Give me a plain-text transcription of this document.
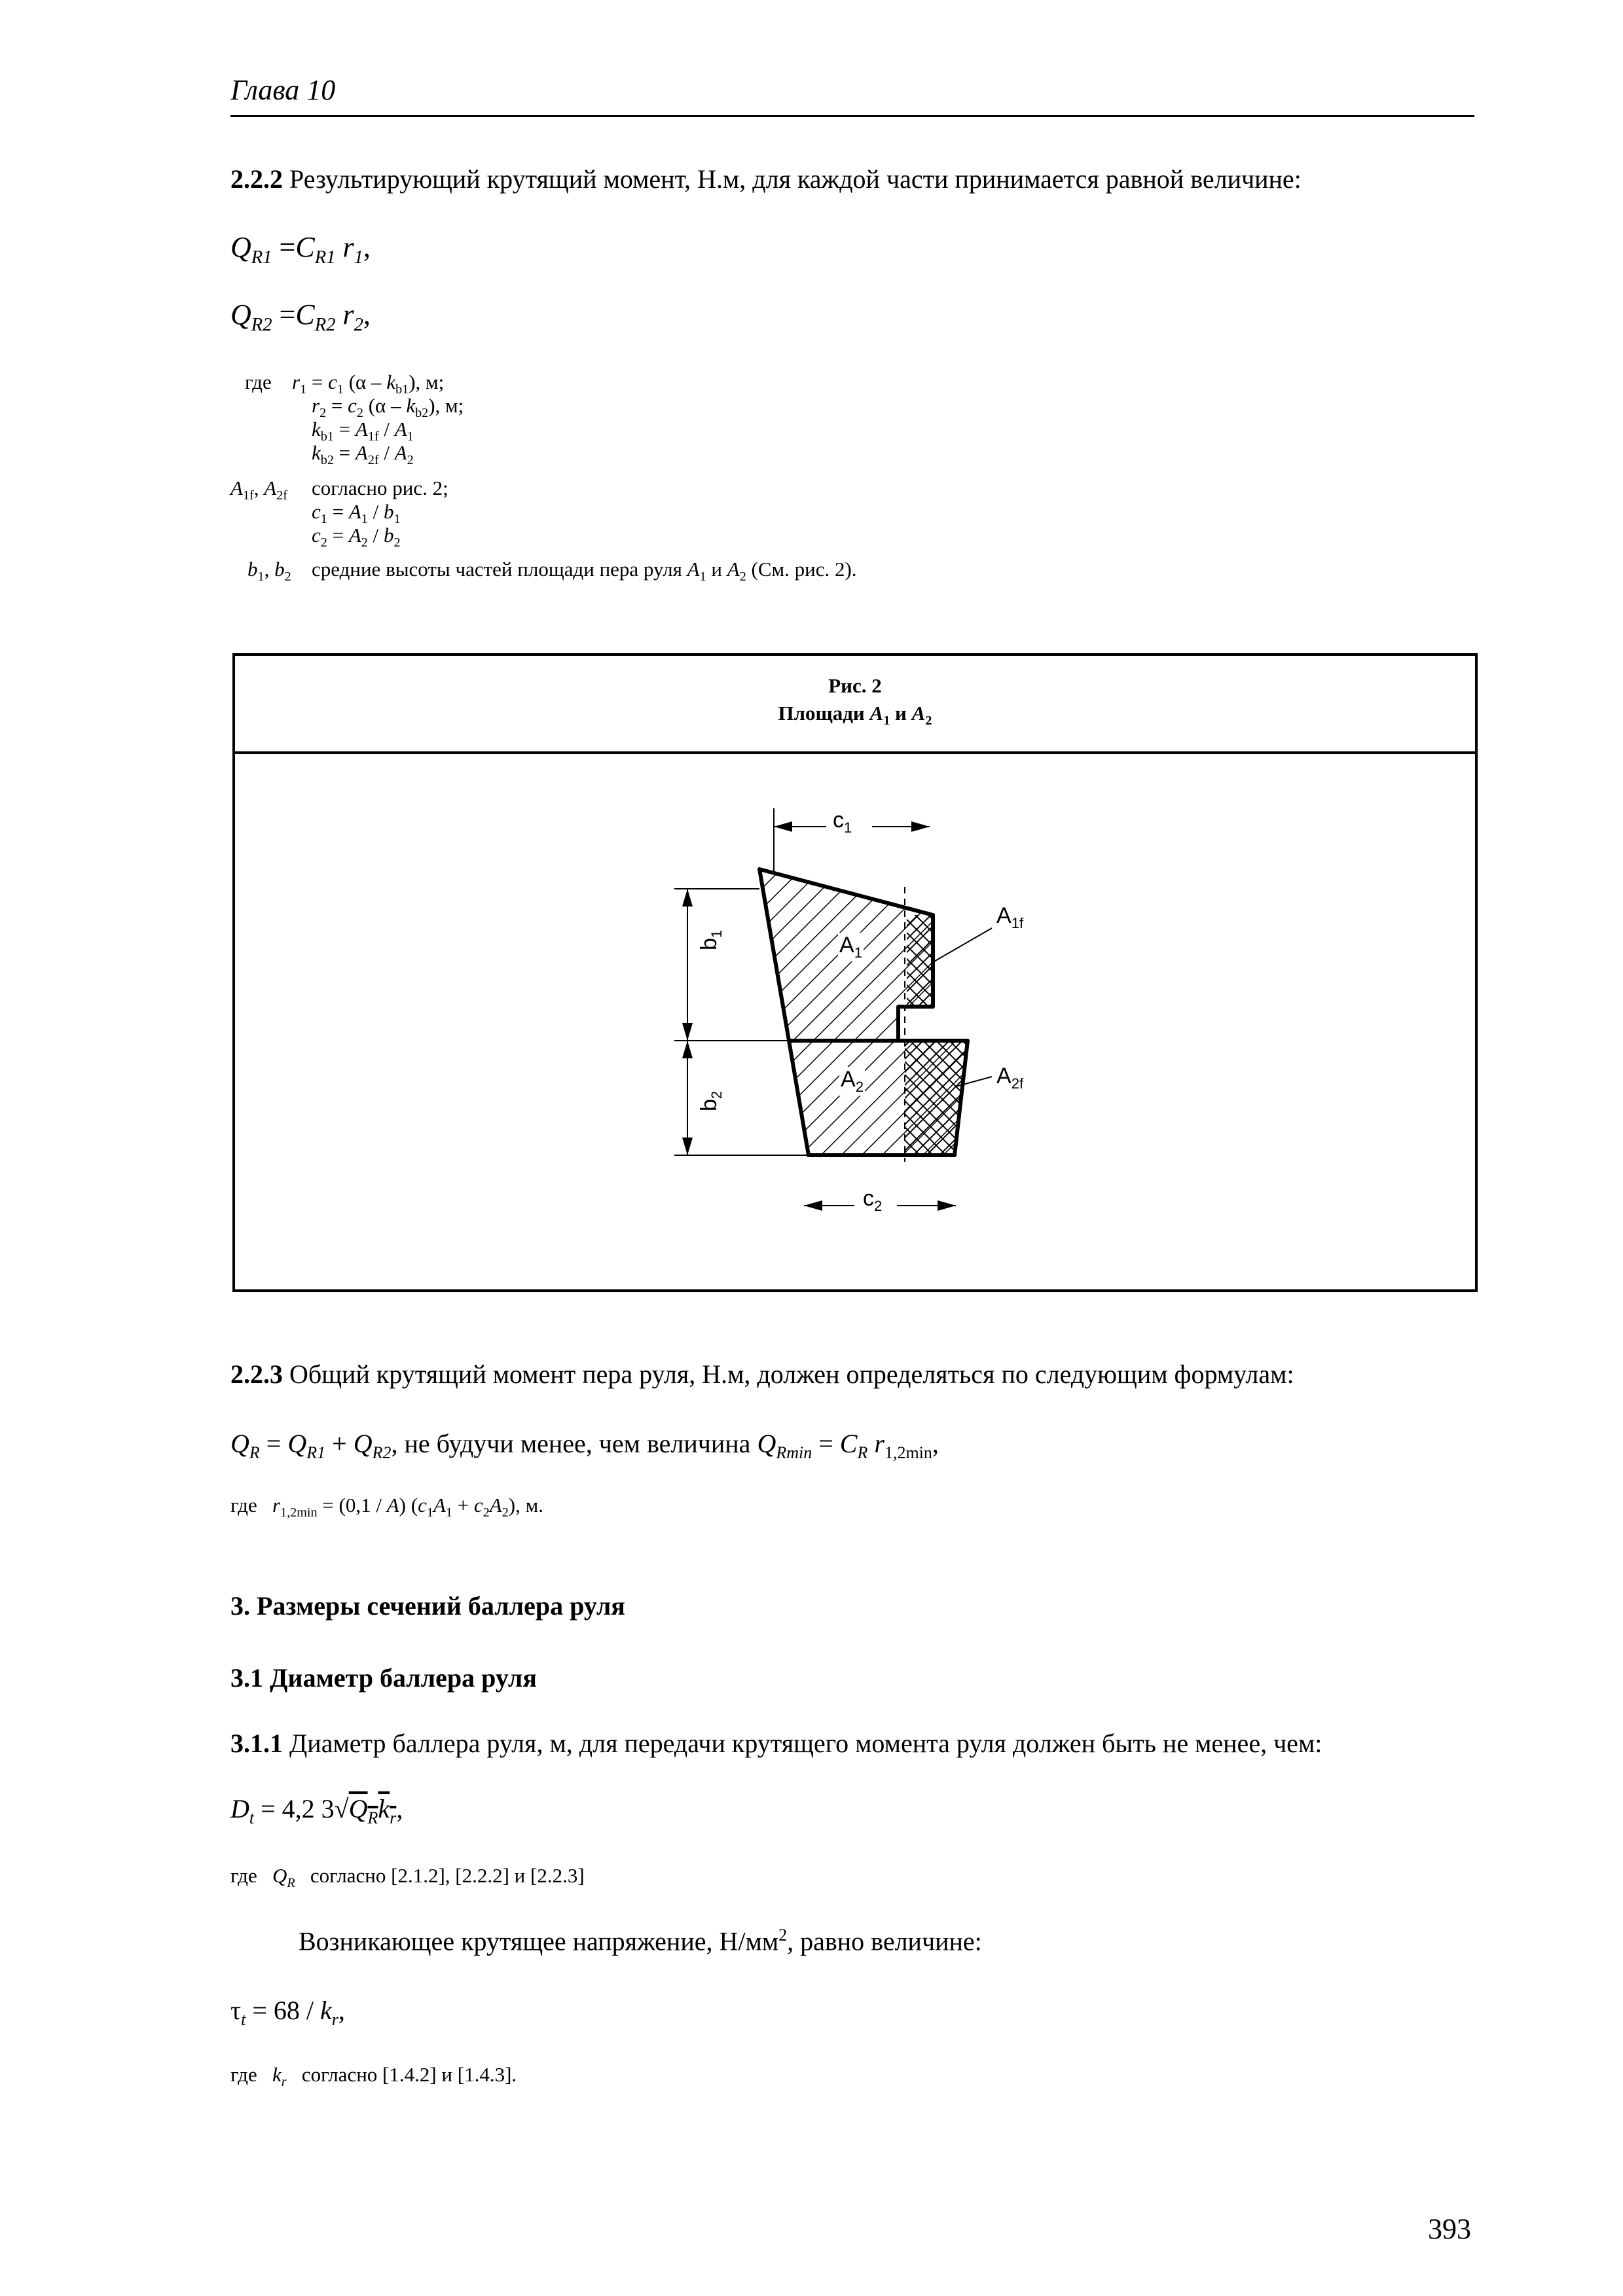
Глава 10
2.2.2 Результирующий крутящий момент, Н.м, для каждой части принимается равной величине:
$Q_{R1} =C_{R1}$ $r_1$,
$Q_{R2} =C_{R2}$ $r_2$,
где $r_1 = c_1$ $(\alpha - k_{b1})$, м;
$r_2 = c_2$ $(\alpha - k_{b2})$, м;
$k_{b1} = A_{1f} / A_1$
$k_{b2} = A_{2f} / A_2$
$A_{1f}$, $A_{2f}$ согласно рис. 2;
$c_1 = A_1 / b_1$
$c_2 = A_2 / b_2$
$b_1$, $b_2$ средние высоты частей площади пера руля $A_1$ и $A_2$ (См. рис. 2).
Рис. 2
Площади $A_1$ и $A_2$
$c_1$
$c_2$
$b_1$
$b_2$
$A_1$
$A_2$
$A_{1f}$
$A_{2f}$
2.2.3 Общий крутящий момент пера руля, Н.м, должен определяться по следующим формулам:
$Q_R = Q_{R1} + Q_{R2}$, не будучи менее, чем величина $Q_{Rmin} = C_R$ $r_{1,2min}$,
где $r_{1,2min} = (0,1 / A) (c_1A_1 + c_2A_2)$, м.
3. Размеры сечений баллера руля
3.1 Диаметр баллера руля
3.1.1 Диаметр баллера руля, м, для передачи крутящего момента руля должен быть не менее, чем:
$D_t = 4,2$ $3√Q_Rk_r$,
где $Q_R$ согласно [2.1.2], [2.2.2] и [2.2.3]
Возникающее крутящее напряжение, $Н/мм^2$, равно величине:
$\tau_t = 68 / k_r$,
где $k_r$ согласно [1.4.2] и [1.4.3].
393
